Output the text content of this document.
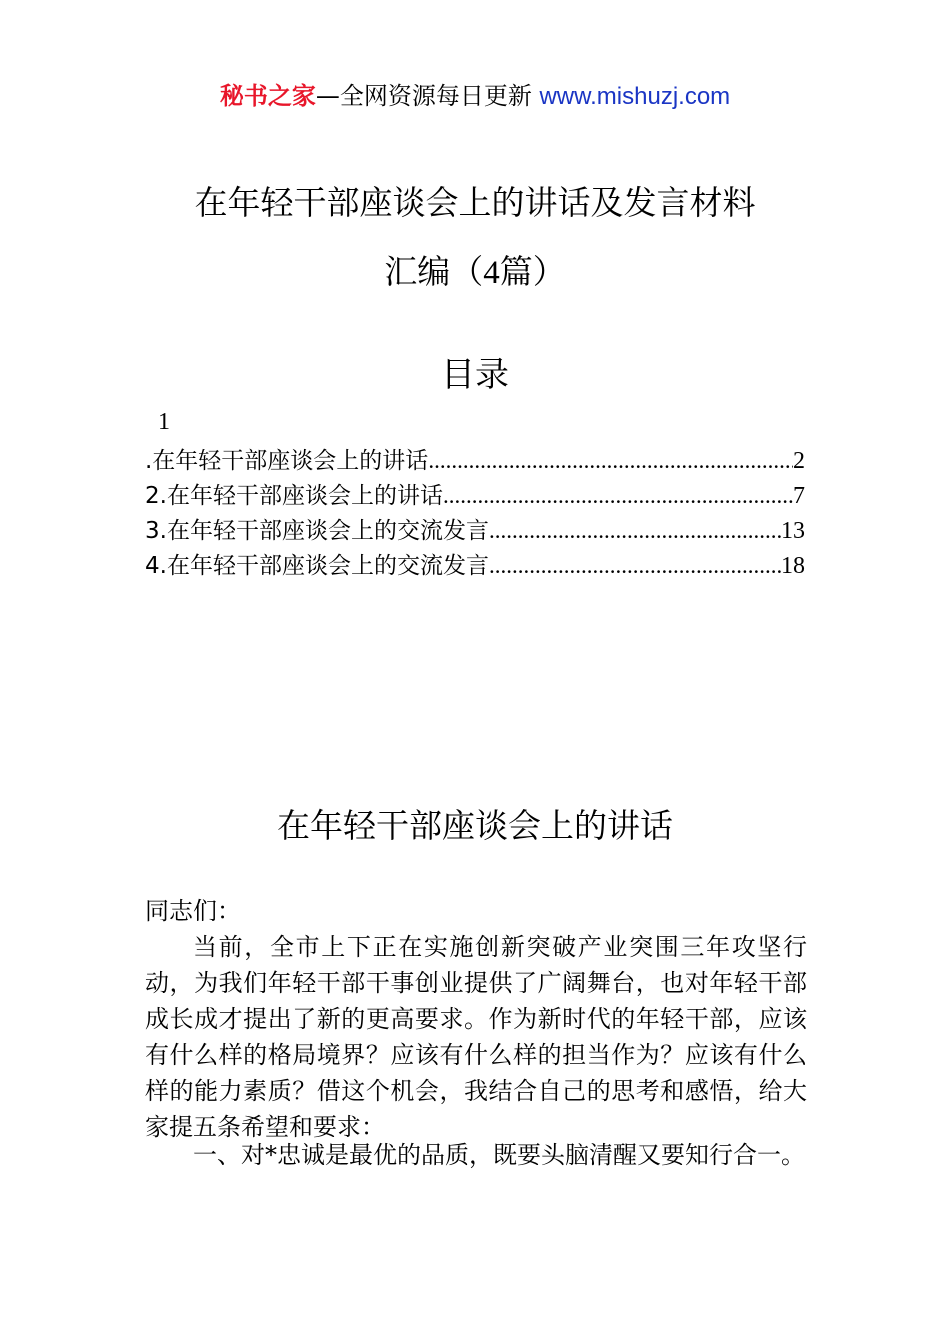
秘书之家—全网资源每日更新 www.mishuzj.com
在年轻干部座谈会上的讲话及发言材料
汇编（4篇）
目录
1
.在年轻干部座谈会上的讲话 .....	2
2.在年轻干部座谈会上的讲话 .....	7
3.在年轻干部座谈会上的交流发言 .....	13
4.在年轻干部座谈会上的交流发言 .....	18
在年轻干部座谈会上的讲话
同志们：
当前，全市上下正在实施创新突破产业突围三年攻坚行动，为我们年轻干部干事创业提供了广阔舞台，也对年轻干部成长成才提出了新的更高要求。作为新时代的年轻干部，应该有什么样的格局境界？应该有什么样的担当作为？应该有什么样的能力素质？借这个机会，我结合自己的思考和感悟，给大家提五条希望和要求：
一、对*忠诚是最优的品质，既要头脑清醒又要知行合一。
